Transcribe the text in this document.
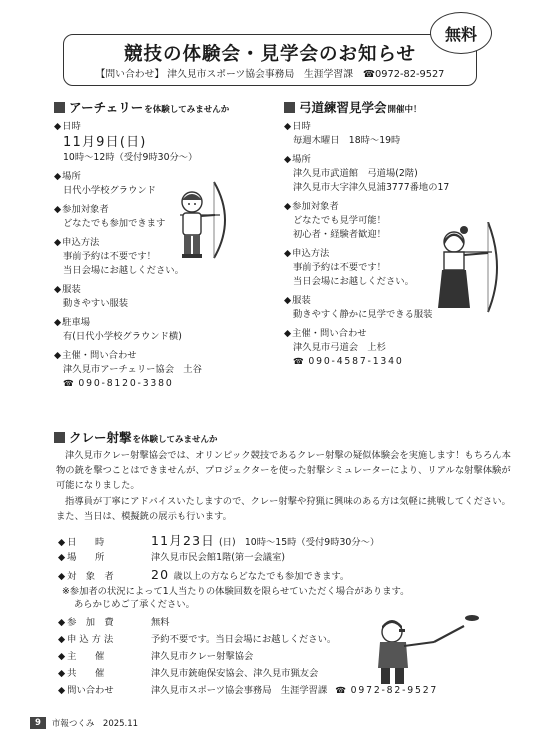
競技の体験会・見学会のお知らせ
【問い合わせ】 津久見市スポーツ協会事務局　生涯学習課　☎0972-82-9527
無料
アーチェリー を体験してみませんか
◆ 日時
11月9日(日)
10時～12時（受付9時30分～）
◆ 場所
日代小学校グラウンド
◆ 参加対象者
どなたでも参加できます
◆ 申込方法
事前予約は不要です！
当日会場にお越しください。
◆ 服装
動きやすい服装
◆ 駐車場
有(日代小学校グラウンド横)
◆ 主催・問い合わせ
津久見市アーチェリー協会　土谷
☎ 090-8120-3380
弓道練習見学会 開催中！
◆ 日時
毎週木曜日　18時～19時
◆ 場所
津久見市武道館　弓道場(2階)
津久見市大字津久見浦3777番地の17
◆ 参加対象者
どなたでも見学可能！
初心者・経験者歓迎！
◆ 申込方法
事前予約は不要です！
当日会場にお越しください。
◆ 服装
動きやすく静かに見学できる服装
◆ 主催・問い合わせ
津久見市弓道会　上杉
☎ 090-4587-1340
クレー射撃 を体験してみませんか

津久見市クレー射撃協会では、オリンピック競技であるクレー射撃の疑似体験会を実施します！もちろん本物の銃を撃つことはできませんが、プロジェクターを使った射撃シミュレーターにより、リアルな射撃体験が可能になりました。

指導員が丁寧にアドバイスいたしますので、クレー射撃や狩猟に興味のある方は気軽に挑戦してください。また、当日は、模擬銃の展示も行います。

◆ 日　　時	11月23日 (日)　10時～15時（受付9時30分～）
◆ 場　　所	津久見市民会館1階(第一会議室)
◆ 対　象　者	20 歳以上の方ならどなたでも参加できます。
※参加者の状況によって1人当たりの体験回数を限らせていただく場合があります。
あらかじめご了承ください。
◆ 参　加　費	無料
◆ 申 込 方 法	予約不要です。当日会場にお越しください。
◆ 主　　催	津久見市クレー射撃協会
◆ 共　　催	津久見市銃砲保安協会、津久見市猟友会
◆ 問い合わせ	津久見市スポーツ協会事務局　生涯学習課
☎	0972-82-9527
9	市報つくみ　2025.11
